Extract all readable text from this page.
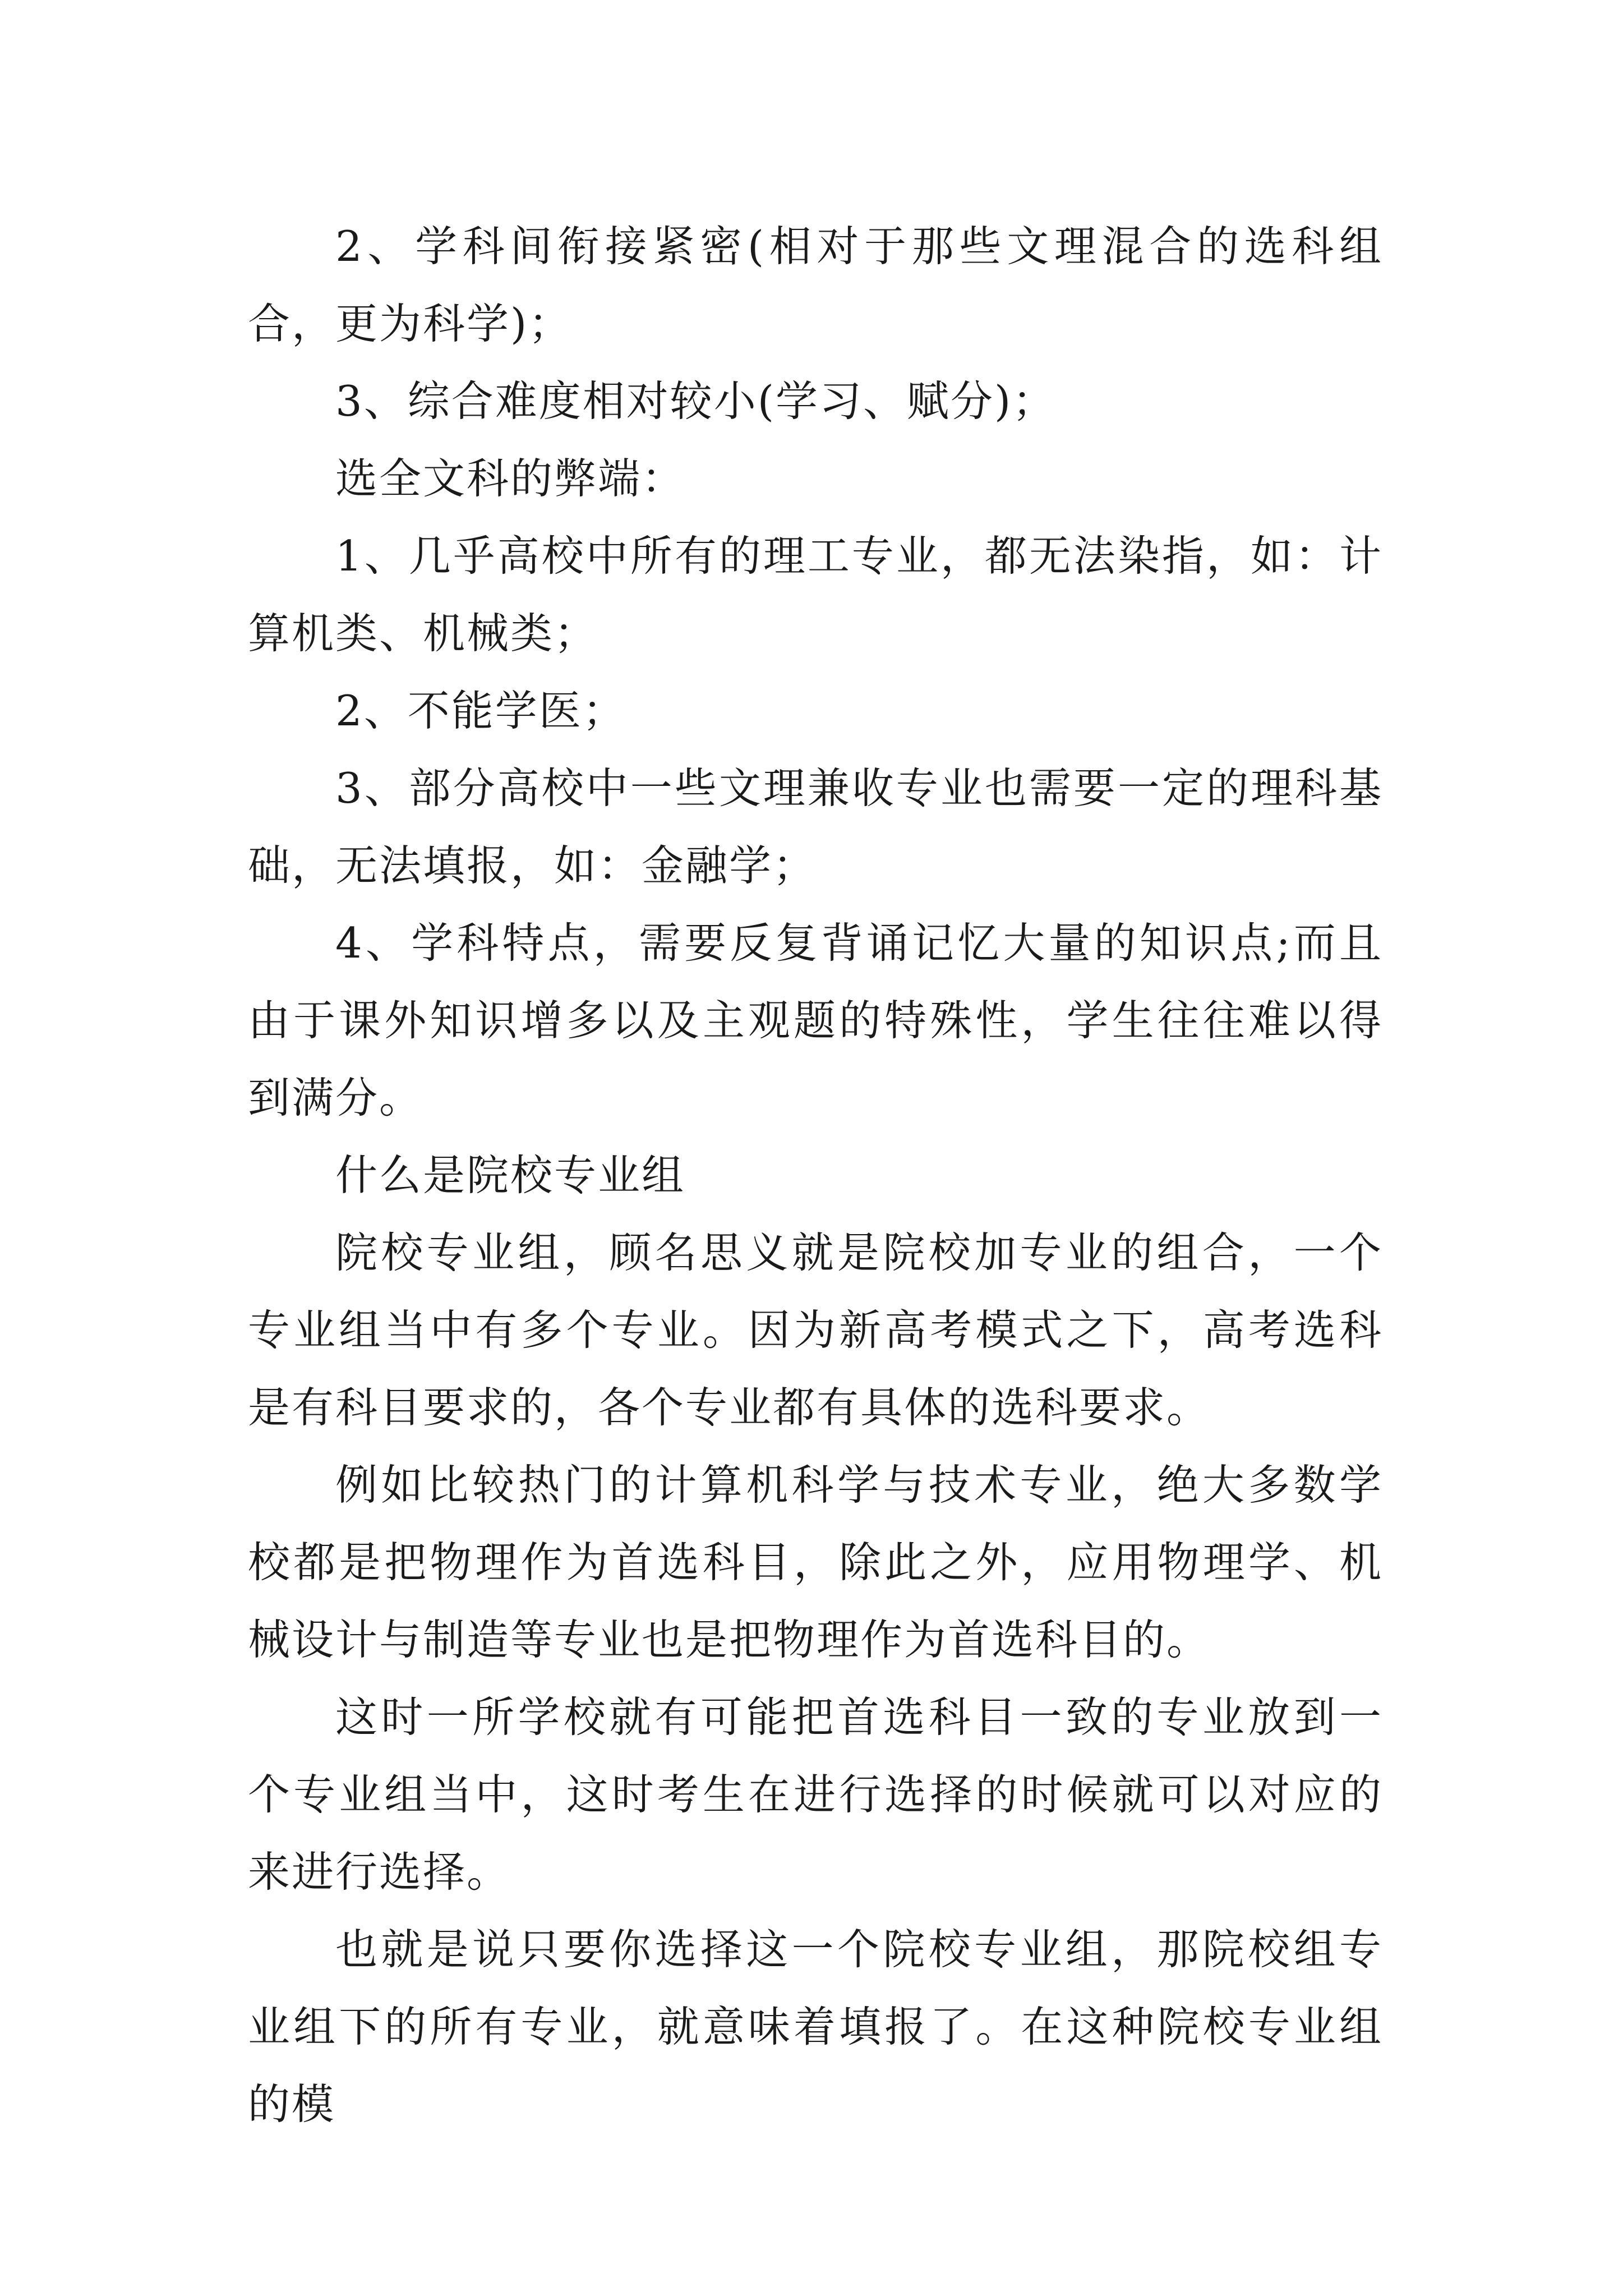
2、学科间衔接紧密(相对于那些文理混合的选科组合，更为科学)；

3、综合难度相对较小(学习、赋分)；

选全文科的弊端：

1、几乎高校中所有的理工专业，都无法染指，如：计算机类、机械类；

2、不能学医；

3、部分高校中一些文理兼收专业也需要一定的理科基础，无法填报，如：金融学；

4、学科特点，需要反复背诵记忆大量的知识点;而且由于课外知识增多以及主观题的特殊性，学生往往难以得到满分。

什么是院校专业组

院校专业组，顾名思义就是院校加专业的组合，一个专业组当中有多个专业。因为新高考模式之下，高考选科是有科目要求的，各个专业都有具体的选科要求。

例如比较热门的计算机科学与技术专业，绝大多数学校都是把物理作为首选科目，除此之外，应用物理学、机械设计与制造等专业也是把物理作为首选科目的。

这时一所学校就有可能把首选科目一致的专业放到一个专业组当中，这时考生在进行选择的时候就可以对应的来进行选择。

也就是说只要你选择这一个院校专业组，那院校组专业组下的所有专业，就意味着填报了。在这种院校专业组的模
